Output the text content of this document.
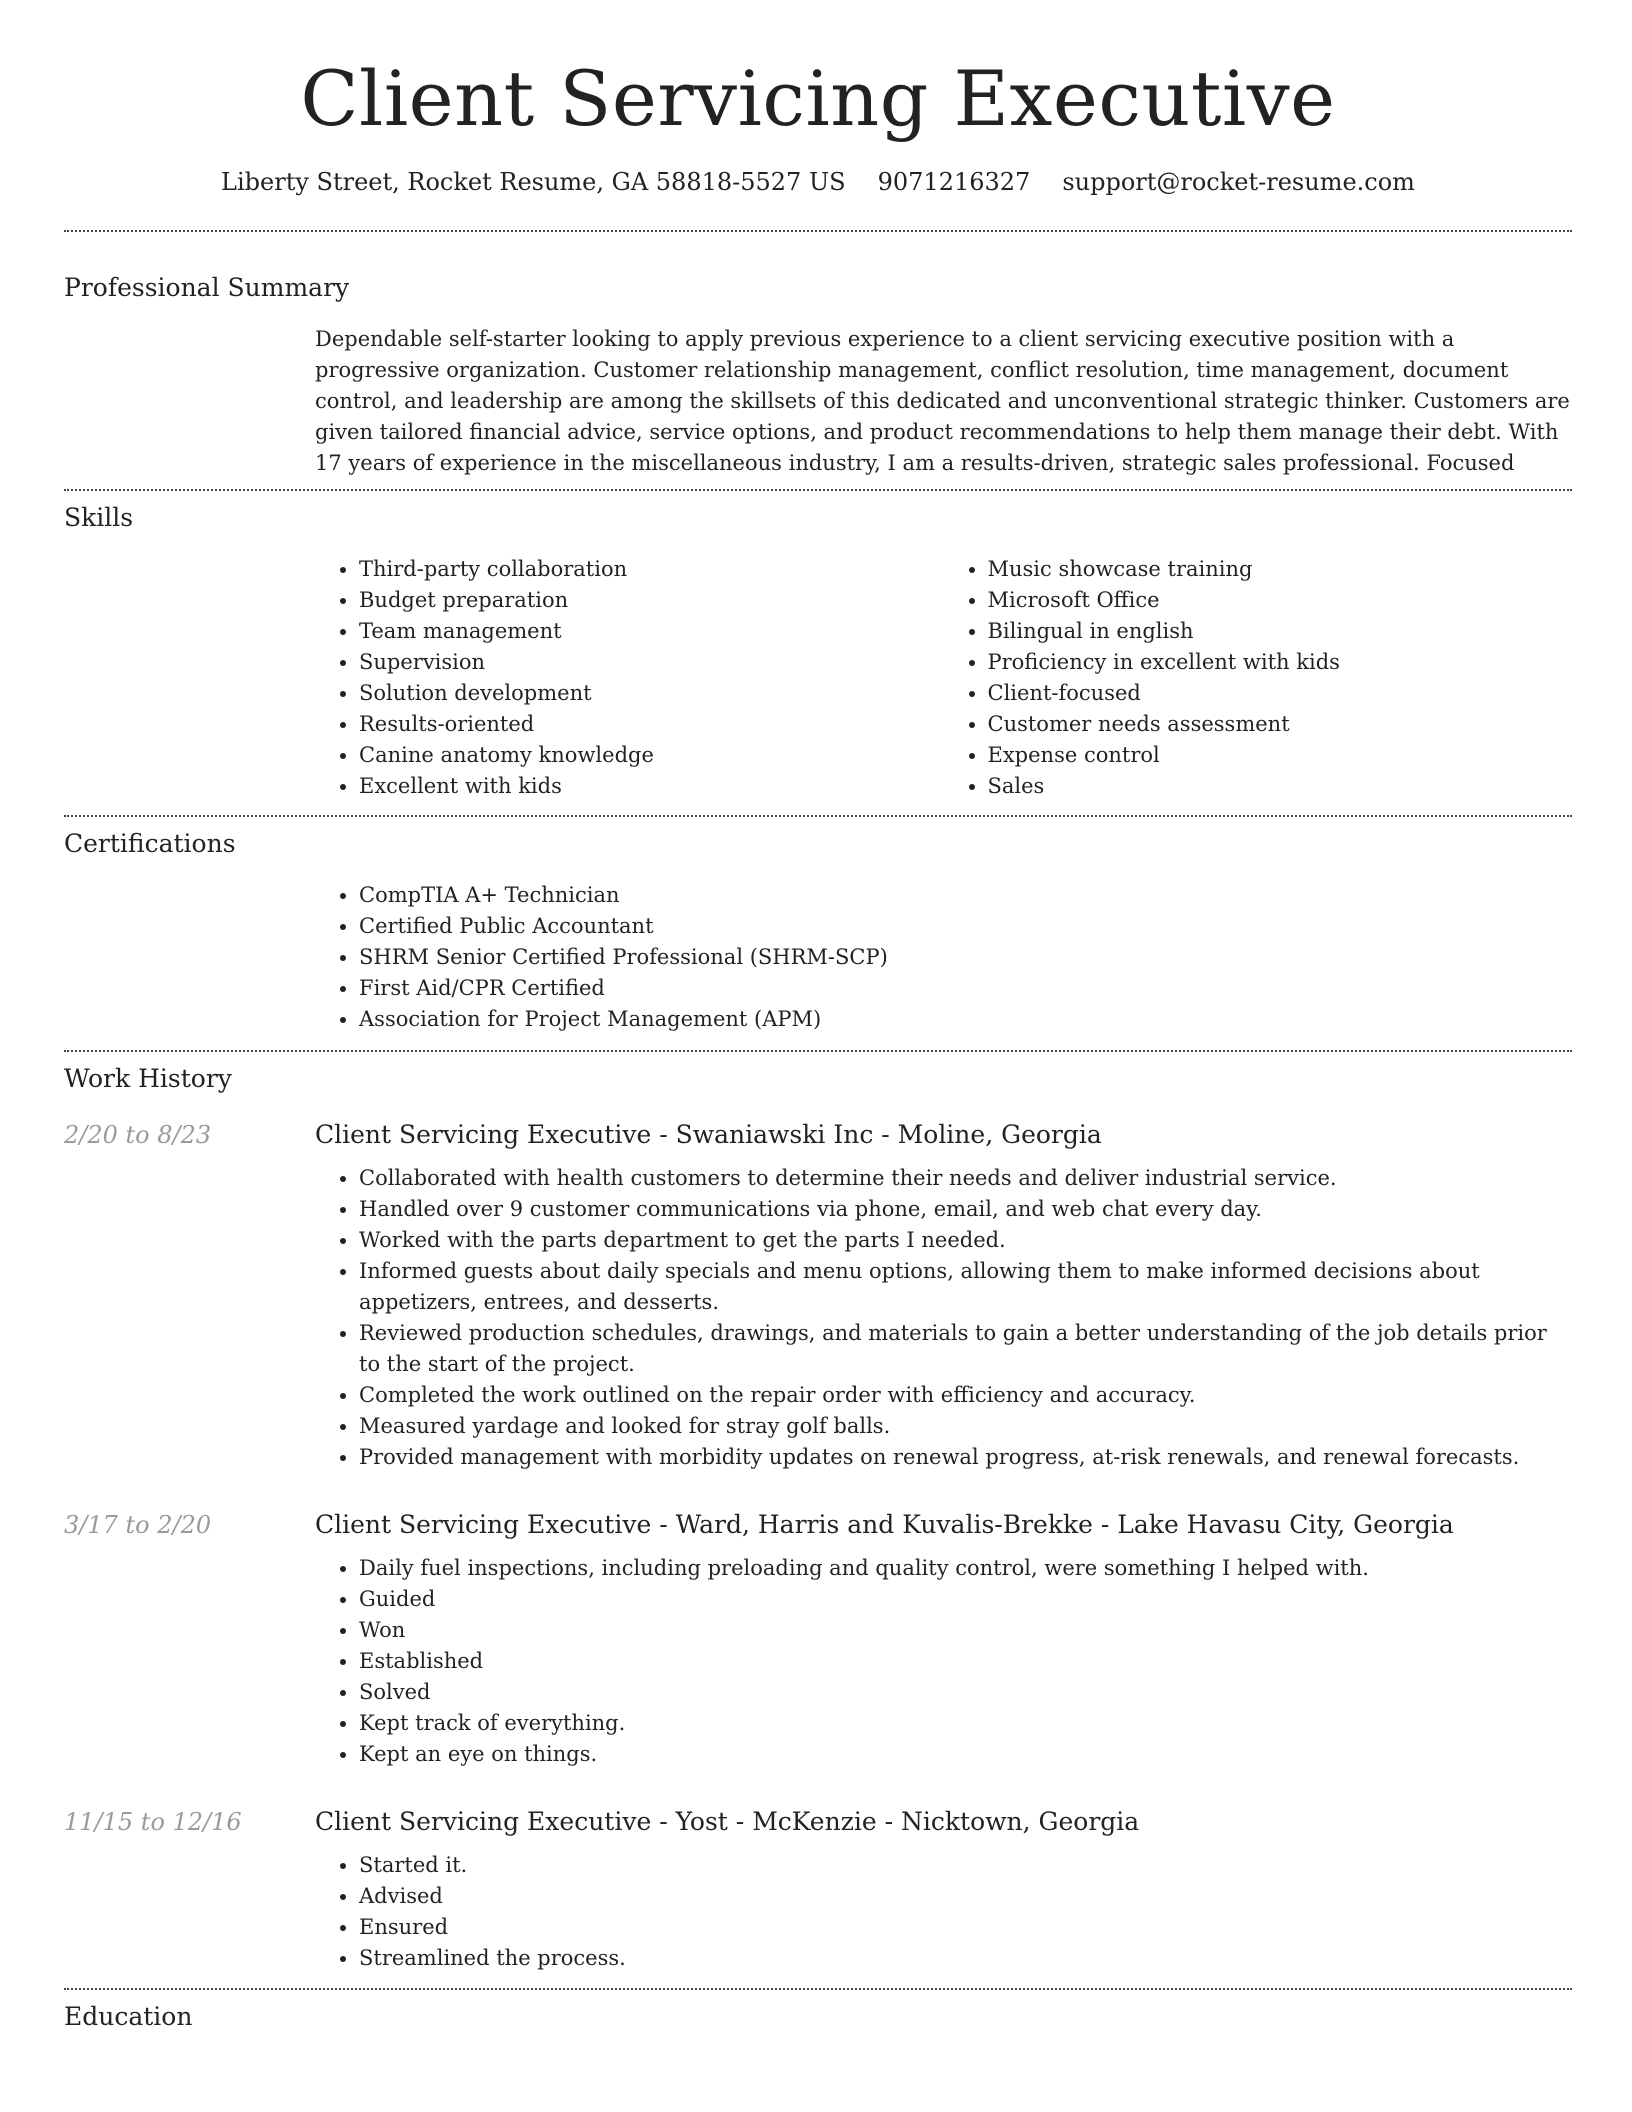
Client Servicing Executive
Liberty Street, Rocket Resume, GA 58818-5527 US 9071216327 support@rocket-resume.com
Professional Summary

Dependable self-starter looking to apply previous experience to a client servicing executive position with a progressive organization. Customer relationship management, conflict resolution, time management, document control, and leadership are among the skillsets of this dedicated and unconventional strategic thinker. Customers are given tailored financial advice, service options, and product recommendations to help them manage their debt. With 17 years of experience in the miscellaneous industry, I am a results-driven, strategic sales professional. Focused

Skills
• Third-party collaboration
• Budget preparation
• Team management
• Supervision
• Solution development
• Results-oriented
• Canine anatomy knowledge
• Excellent with kids
• Music showcase training
• Microsoft Office
• Bilingual in english
• Proficiency in excellent with kids
• Client-focused
• Customer needs assessment
• Expense control
• Sales
Certifications
• CompTIA A+ Technician
• Certified Public Accountant
• SHRM Senior Certified Professional (SHRM-SCP)
• First Aid/CPR Certified
• Association for Project Management (APM)
Work History
2/20 to 8/23	Client Servicing Executive - Swaniawski Inc - Moline, Georgia
• Collaborated with health customers to determine their needs and deliver industrial service.
• Handled over 9 customer communications via phone, email, and web chat every day.
• Worked with the parts department to get the parts I needed.
• Informed guests about daily specials and menu options, allowing them to make informed decisions about appetizers, entrees, and desserts.
• Reviewed production schedules, drawings, and materials to gain a better understanding of the job details prior to the start of the project.
• Completed the work outlined on the repair order with efficiency and accuracy.
• Measured yardage and looked for stray golf balls.
• Provided management with morbidity updates on renewal progress, at-risk renewals, and renewal forecasts.
3/17 to 2/20	Client Servicing Executive - Ward, Harris and Kuvalis-Brekke - Lake Havasu City, Georgia
• Daily fuel inspections, including preloading and quality control, were something I helped with.
• Guided
• Won
• Established
• Solved
• Kept track of everything.
• Kept an eye on things.
11/15 to 12/16	Client Servicing Executive - Yost - McKenzie - Nicktown, Georgia
• Started it.
• Advised
• Ensured
• Streamlined the process.
Education
